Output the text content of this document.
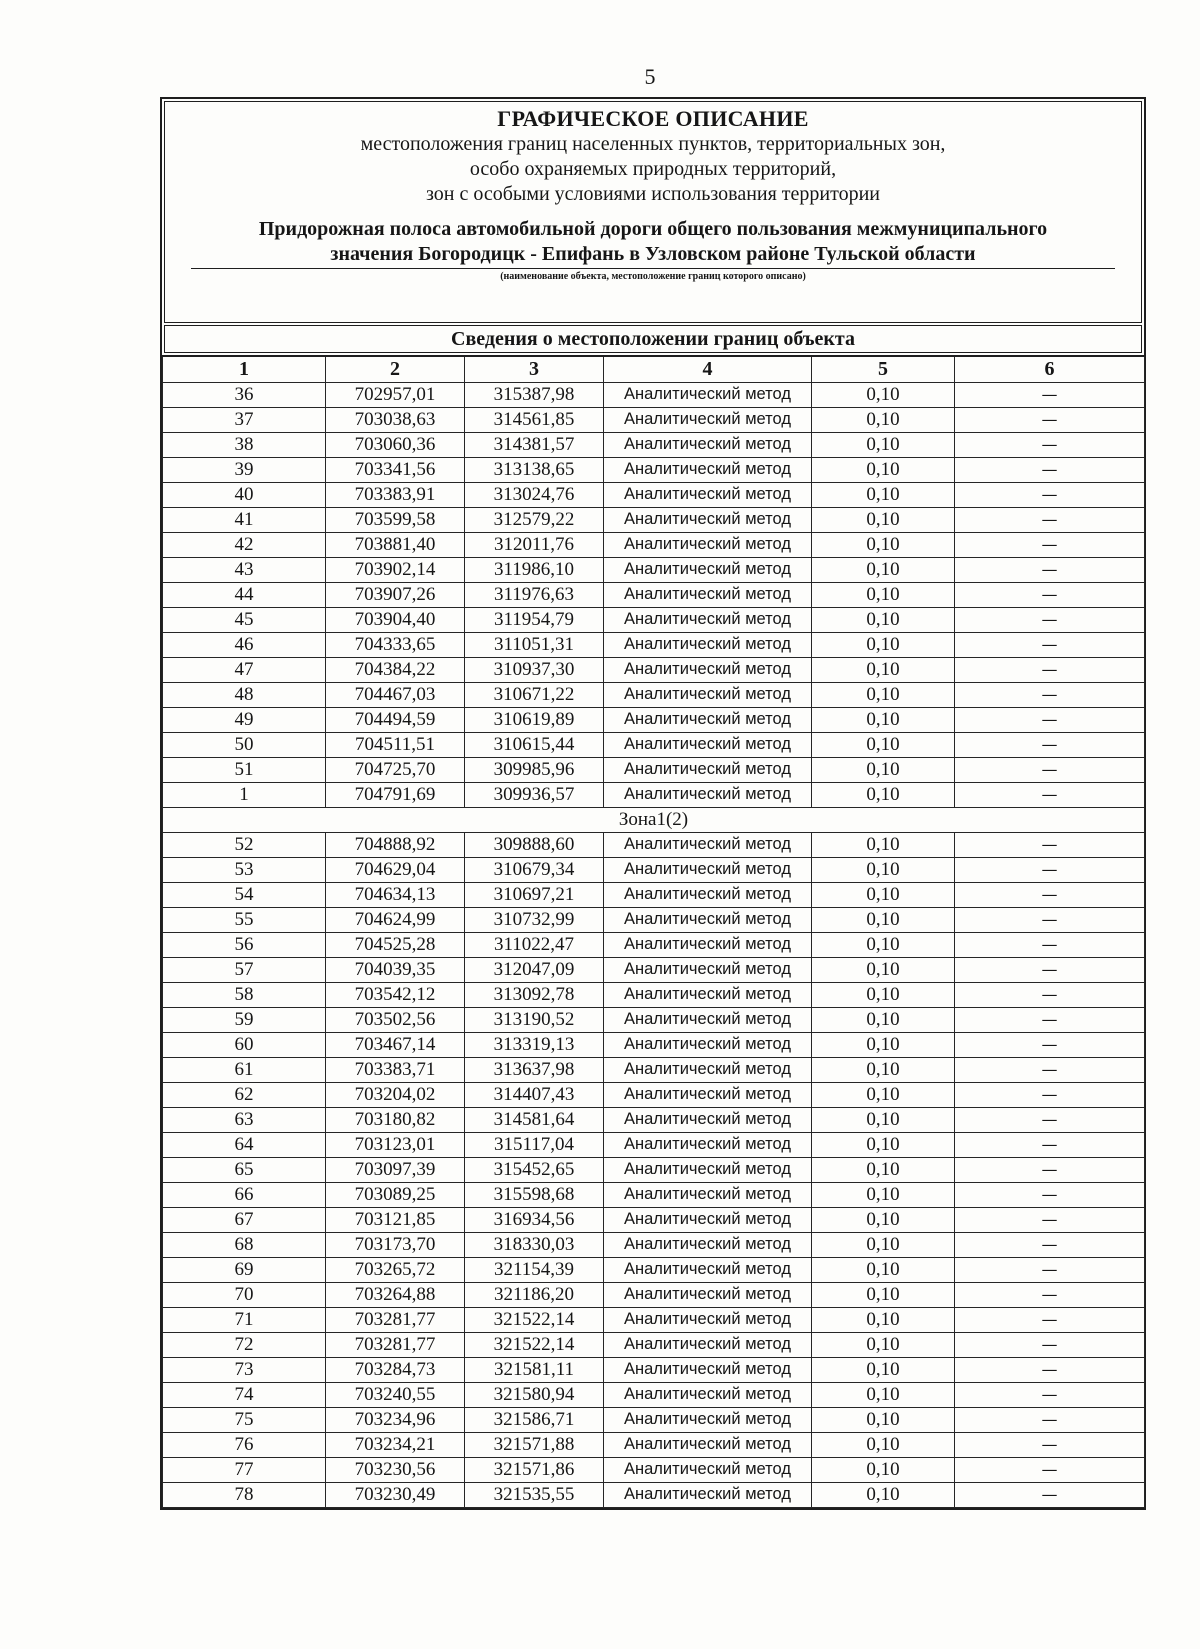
5
ГРАФИЧЕСКОЕ ОПИСАНИЕ
местоположения границ населенных пунктов, территориальных зон,
особо охраняемых природных территорий,
зон с особыми условиями использования территории
Придорожная полоса автомобильной дороги общего пользования межмуниципального
значения Богородицк - Епифань в Узловском районе Тульской области
(наименование объекта, местоположение границ которого описано)
Сведения о местоположении границ объекта
1	2	3	4	5	6
36	702957,01	315387,98	Аналитический метод	0,10	—
37	703038,63	314561,85	Аналитический метод	0,10	—
38	703060,36	314381,57	Аналитический метод	0,10	—
39	703341,56	313138,65	Аналитический метод	0,10	—
40	703383,91	313024,76	Аналитический метод	0,10	—
41	703599,58	312579,22	Аналитический метод	0,10	—
42	703881,40	312011,76	Аналитический метод	0,10	—
43	703902,14	311986,10	Аналитический метод	0,10	—
44	703907,26	311976,63	Аналитический метод	0,10	—
45	703904,40	311954,79	Аналитический метод	0,10	—
46	704333,65	311051,31	Аналитический метод	0,10	—
47	704384,22	310937,30	Аналитический метод	0,10	—
48	704467,03	310671,22	Аналитический метод	0,10	—
49	704494,59	310619,89	Аналитический метод	0,10	—
50	704511,51	310615,44	Аналитический метод	0,10	—
51	704725,70	309985,96	Аналитический метод	0,10	—
1	704791,69	309936,57	Аналитический метод	0,10	—
Зона1(2)					
52	704888,92	309888,60	Аналитический метод	0,10	—
53	704629,04	310679,34	Аналитический метод	0,10	—
54	704634,13	310697,21	Аналитический метод	0,10	—
55	704624,99	310732,99	Аналитический метод	0,10	—
56	704525,28	311022,47	Аналитический метод	0,10	—
57	704039,35	312047,09	Аналитический метод	0,10	—
58	703542,12	313092,78	Аналитический метод	0,10	—
59	703502,56	313190,52	Аналитический метод	0,10	—
60	703467,14	313319,13	Аналитический метод	0,10	—
61	703383,71	313637,98	Аналитический метод	0,10	—
62	703204,02	314407,43	Аналитический метод	0,10	—
63	703180,82	314581,64	Аналитический метод	0,10	—
64	703123,01	315117,04	Аналитический метод	0,10	—
65	703097,39	315452,65	Аналитический метод	0,10	—
66	703089,25	315598,68	Аналитический метод	0,10	—
67	703121,85	316934,56	Аналитический метод	0,10	—
68	703173,70	318330,03	Аналитический метод	0,10	—
69	703265,72	321154,39	Аналитический метод	0,10	—
70	703264,88	321186,20	Аналитический метод	0,10	—
71	703281,77	321522,14	Аналитический метод	0,10	—
72	703281,77	321522,14	Аналитический метод	0,10	—
73	703284,73	321581,11	Аналитический метод	0,10	—
74	703240,55	321580,94	Аналитический метод	0,10	—
75	703234,96	321586,71	Аналитический метод	0,10	—
76	703234,21	321571,88	Аналитический метод	0,10	—
77	703230,56	321571,86	Аналитический метод	0,10	—
78	703230,49	321535,55	Аналитический метод	0,10	—
